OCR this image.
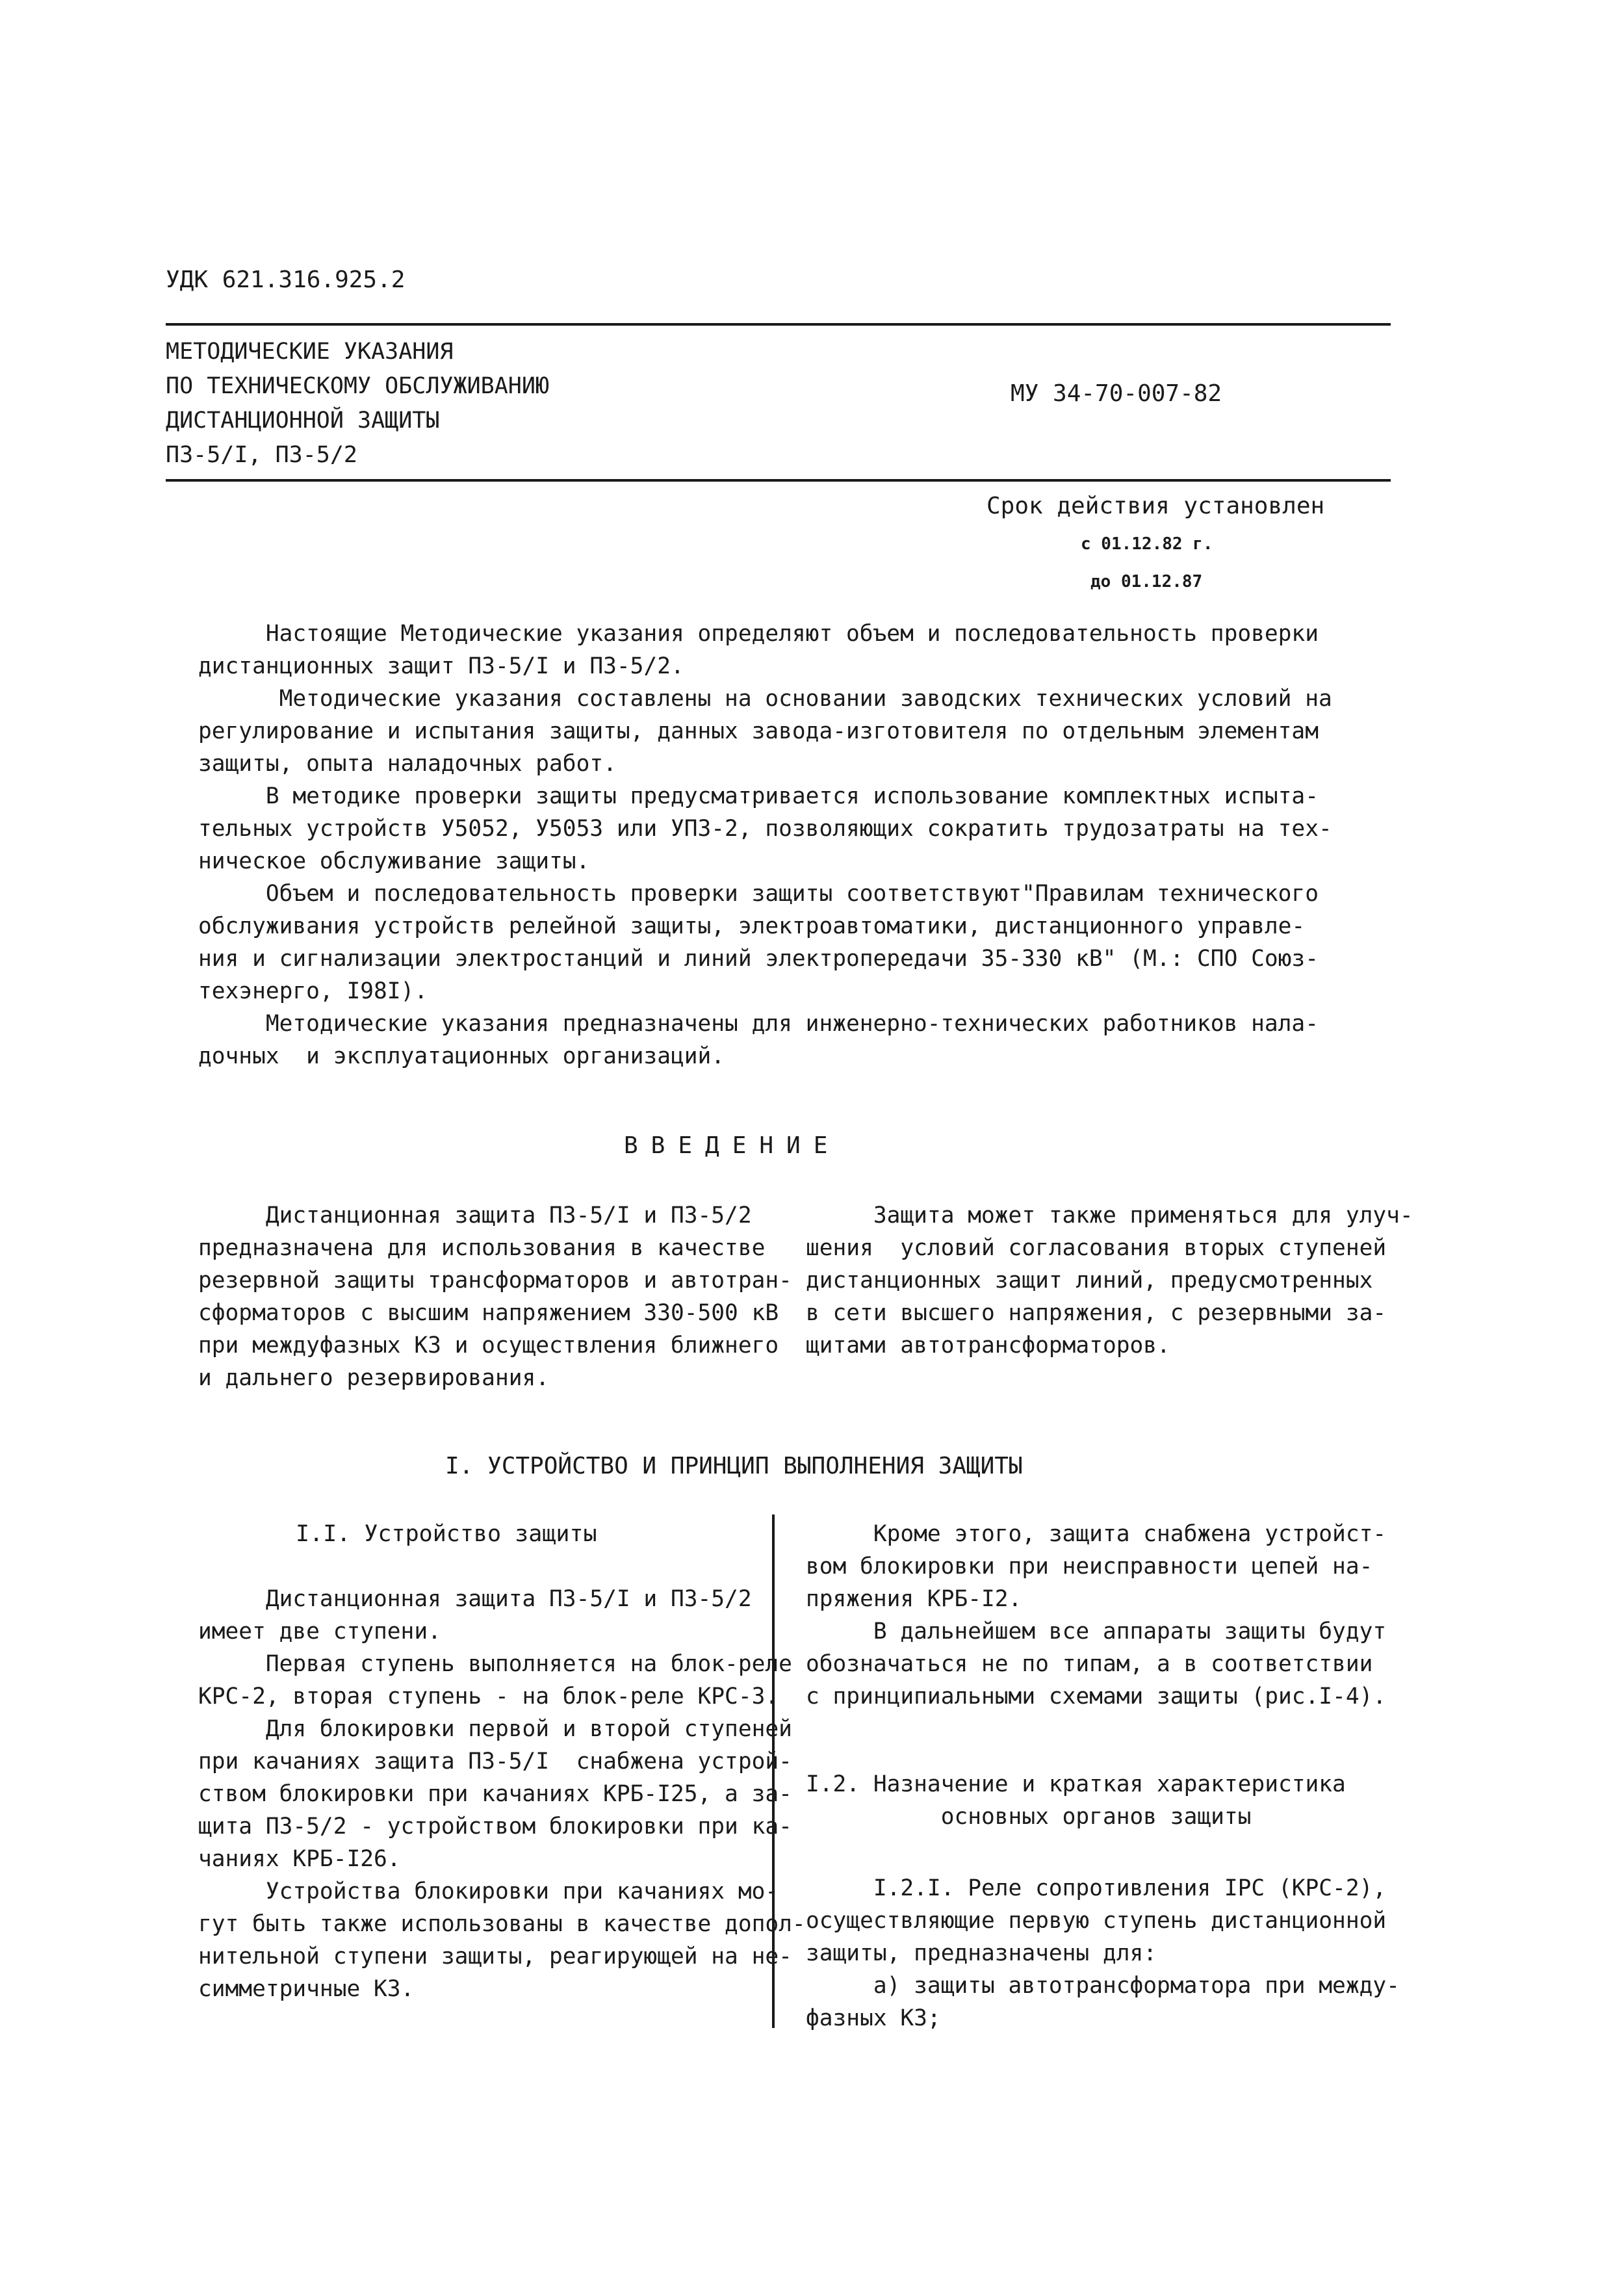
УДК 621.316.925.2
МЕТОДИЧЕСКИЕ УКАЗАНИЯ
ПО ТЕХНИЧЕСКОМУ ОБСЛУЖИВАНИЮ
ДИСТАНЦИОННОЙ ЗАЩИТЫ
ПЗ-5/I, ПЗ-5/2
МУ 34-70-007-82
Срок действия установлен
с 01.12.82 г.
до 01.12.87
Настоящие Методические указания определяют объем и последовательность проверки
дистанционных защит ПЗ-5/I и ПЗ-5/2.
Методические указания составлены на основании заводских технических условий на
регулирование и испытания защиты, данных завода-изготовителя по отдельным элементам
защиты, опыта наладочных работ.
В методике проверки защиты предусматривается использование комплектных испыта-
тельных устройств У5052, У5053 или УПЗ-2, позволяющих сократить трудозатраты на тех-
ническое обслуживание защиты.
Объем и последовательность проверки защиты соответствуют"Правилам технического
обслуживания устройств релейной защиты, электроавтоматики, дистанционного управле-
ния и сигнализации электростанций и линий электропередачи 35-330 кВ" (М.: СПО Союз-
техэнерго, I98I).
Методические указания предназначены для инженерно-технических работников нала-
дочных  и эксплуатационных организаций.
ВВЕДЕНИЕ
Дистанционная защита ПЗ-5/I и ПЗ-5/2
предназначена для использования в качестве
резервной защиты трансформаторов и автотран-
сформаторов с высшим напряжением 330-500 кВ
при междуфазных КЗ и осуществления ближнего
и дальнего резервирования.
Защита может также применяться для улуч-
шения  условий согласования вторых ступеней
дистанционных защит линий, предусмотренных
в сети высшего напряжения, с резервными за-
щитами автотрансформаторов.
I. УСТРОЙСТВО И ПРИНЦИП ВЫПОЛНЕНИЯ ЗАЩИТЫ
I.I. Устройство защиты
Дистанционная защита ПЗ-5/I и ПЗ-5/2
имеет две ступени.
Первая ступень выполняется на блок-реле
КРС-2, вторая ступень - на блок-реле КРС-3.
Для блокировки первой и второй ступеней
при качаниях защита ПЗ-5/I  снабжена устрой-
ством блокировки при качаниях КРБ-I25, а за-
щита ПЗ-5/2 - устройством блокировки при ка-
чаниях КРБ-I26.
Устройства блокировки при качаниях мо-
гут быть также использованы в качестве допол-
нительной ступени защиты, реагирующей на не-
симметричные КЗ.
Кроме этого, защита снабжена устройст-
вом блокировки при неисправности цепей на-
пряжения КРБ-I2.
В дальнейшем все аппараты защиты будут
обозначаться не по типам, а в соответствии
с принципиальными схемами защиты (рис.I-4).
I.2. Назначение и краткая характеристика
основных органов защиты
I.2.I. Реле сопротивления IPC (КРС-2),
осуществляющие первую ступень дистанционной
защиты, предназначены для:
а) защиты автотрансформатора при между-
фазных КЗ;
